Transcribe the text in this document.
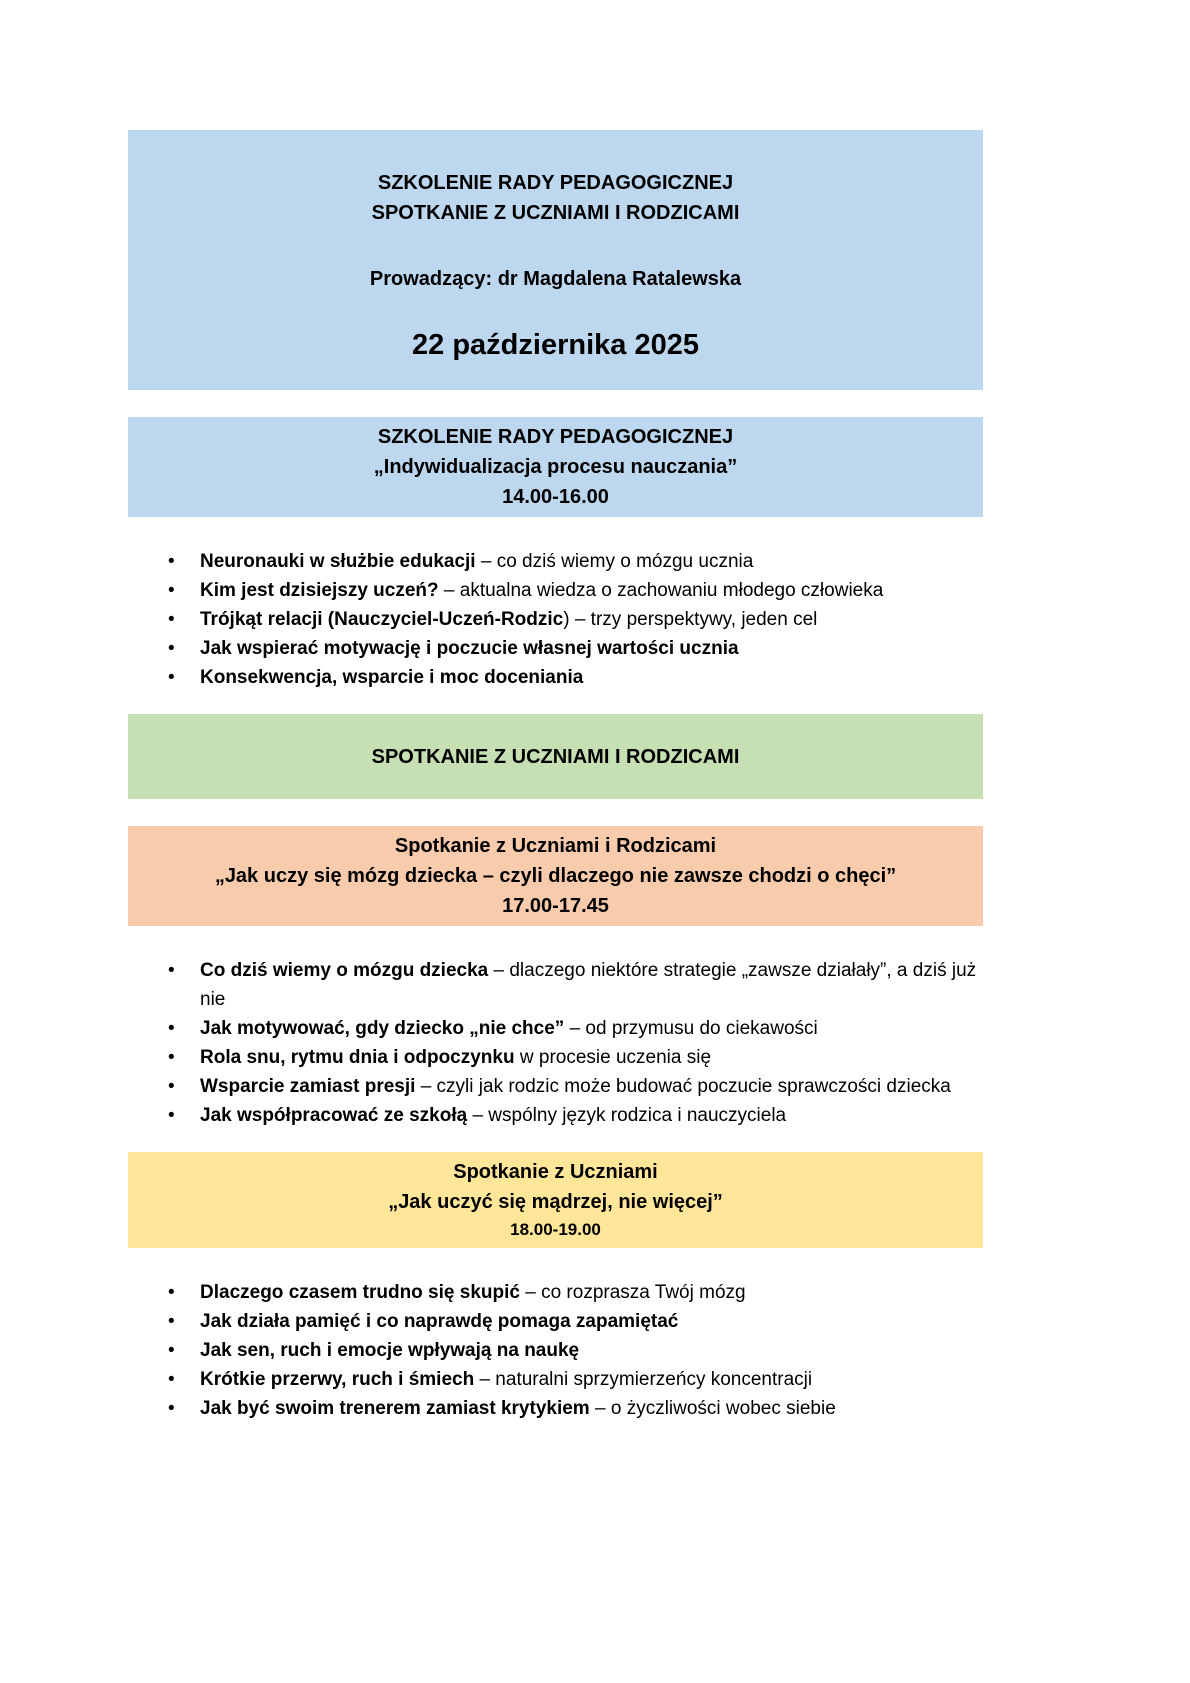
SZKOLENIE RADY PEDAGOGICZNEJ

SPOTKANIE Z UCZNIAMI I RODZICAMI

Prowadzący: dr Magdalena Ratalewska

22 października 2025

SZKOLENIE RADY PEDAGOGICZNEJ

„Indywidualizacja procesu nauczania”

14.00-16.00

•
Neuronauki w służbie edukacji – co dziś wiemy o mózgu ucznia
•
Kim jest dzisiejszy uczeń? – aktualna wiedza o zachowaniu młodego człowieka
•
Trójkąt relacji (Nauczyciel-Uczeń-Rodzic) – trzy perspektywy, jeden cel
•
Jak wspierać motywację i poczucie własnej wartości ucznia
•
Konsekwencja, wsparcie i moc doceniania

SPOTKANIE Z UCZNIAMI I RODZICAMI

Spotkanie z Uczniami i Rodzicami

„Jak uczy się mózg dziecka – czyli dlaczego nie zawsze chodzi o chęci”

17.00-17.45

•
Co dziś wiemy o mózgu dziecka – dlaczego niektóre strategie „zawsze działały”, a dziś już nie
•
Jak motywować, gdy dziecko „nie chce” – od przymusu do ciekawości
•
Rola snu, rytmu dnia i odpoczynku w procesie uczenia się
•
Wsparcie zamiast presji – czyli jak rodzic może budować poczucie sprawczości dziecka
•
Jak współpracować ze szkołą – wspólny język rodzica i nauczyciela

Spotkanie z Uczniami

„Jak uczyć się mądrzej, nie więcej”

18.00-19.00

•
Dlaczego czasem trudno się skupić – co rozprasza Twój mózg
•
Jak działa pamięć i co naprawdę pomaga zapamiętać
•
Jak sen, ruch i emocje wpływają na naukę
•
Krótkie przerwy, ruch i śmiech – naturalni sprzymierzeńcy koncentracji
•
Jak być swoim trenerem zamiast krytykiem – o życzliwości wobec siebie
